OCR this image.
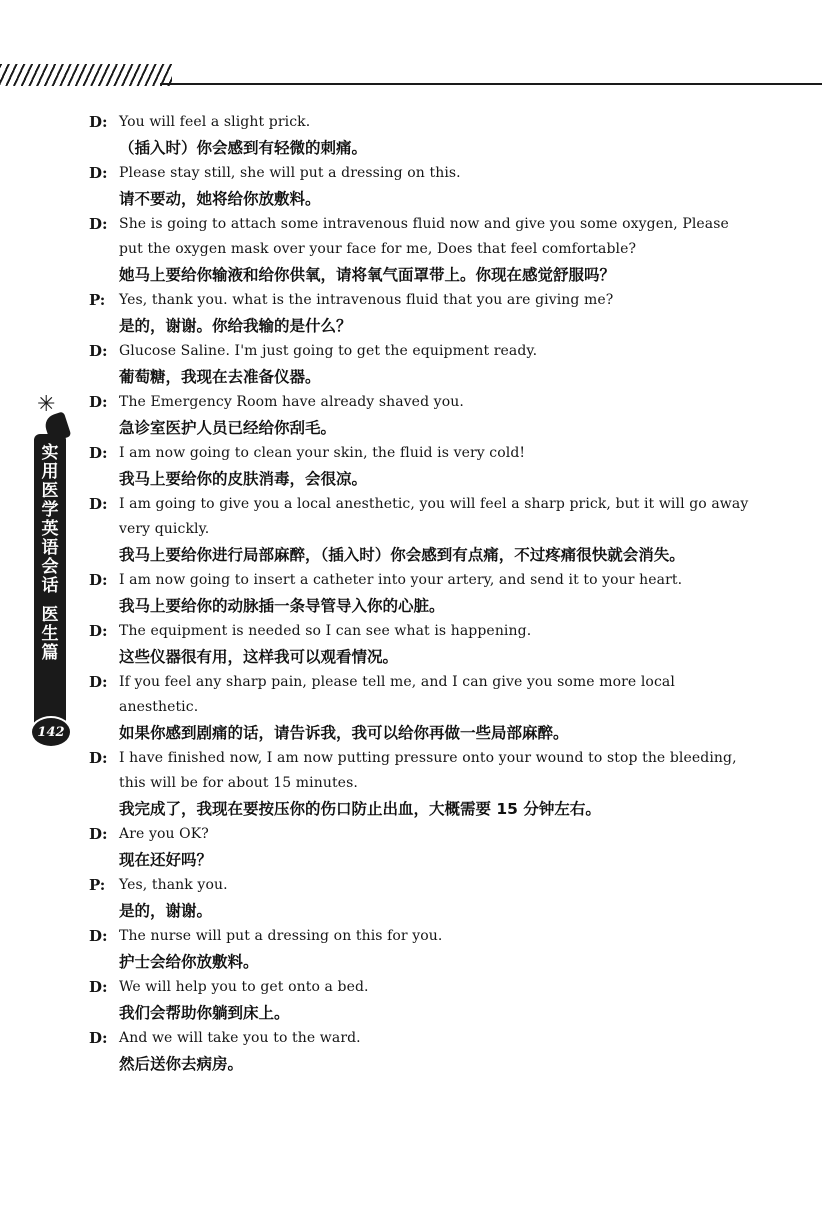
✳
实用医学英语会话
医生篇
142
D: You will feel a slight prick.
（插入时）你会感到有轻微的刺痛。
D: Please stay still, she will put a dressing on this.
请不要动，她将给你放敷料。
D: She is going to attach some intravenous fluid now and give you some oxygen, Please put the oxygen mask over your face for me, Does that feel comfortable?
她马上要给你输液和给你供氧，请将氧气面罩带上。你现在感觉舒服吗？
P: Yes, thank you. what is the intravenous fluid that you are giving me?
是的，谢谢。你给我输的是什么？
D: Glucose Saline. I'm just going to get the equipment ready.
葡萄糖，我现在去准备仪器。
D: The Emergency Room have already shaved you.
急诊室医护人员已经给你刮毛。
D: I am now going to clean your skin, the fluid is very cold!
我马上要给你的皮肤消毒，会很凉。
D: I am going to give you a local anesthetic, you will feel a sharp prick, but it will go away very quickly.
我马上要给你进行局部麻醉，（插入时）你会感到有点痛，不过疼痛很快就会消失。
D: I am now going to insert a catheter into your artery, and send it to your heart.
我马上要给你的动脉插一条导管导入你的心脏。
D: The equipment is needed so I can see what is happening.
这些仪器很有用，这样我可以观看情况。
D: If you feel any sharp pain, please tell me, and I can give you some more local anesthetic.
如果你感到剧痛的话，请告诉我，我可以给你再做一些局部麻醉。
D: I have finished now, I am now putting pressure onto your wound to stop the bleeding, this will be for about 15 minutes.
我完成了，我现在要按压你的伤口防止出血，大概需要 15 分钟左右。
D: Are you OK?
现在还好吗？
P: Yes, thank you.
是的，谢谢。
D: The nurse will put a dressing on this for you.
护士会给你放敷料。
D: We will help you to get onto a bed.
我们会帮助你躺到床上。
D: And we will take you to the ward.
然后送你去病房。
